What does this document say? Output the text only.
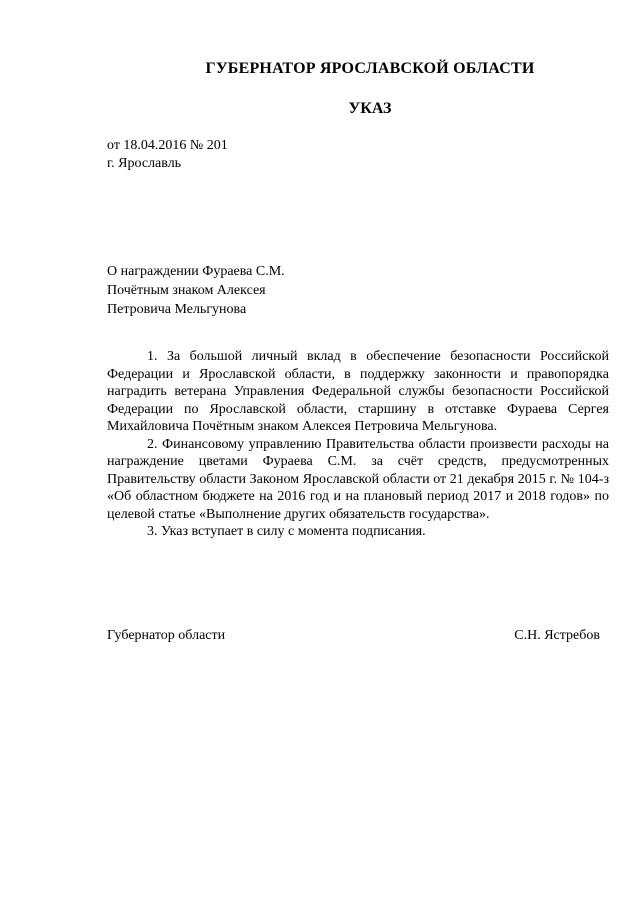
ГУБЕРНАТОР ЯРОСЛАВСКОЙ ОБЛАСТИ
УКАЗ
от 18.04.2016 № 201
г. Ярославль
О награждении Фураева С.М.
Почётным знаком Алексея
Петровича Мельгунова

1. За большой личный вклад в обеспечение безопасности Российской Федерации и Ярославской области, в поддержку законности и правопорядка наградить ветерана Управления Федеральной службы безопасности Российской Федерации по Ярославской области, старшину в отставке Фураева Сергея Михайловича Почётным знаком Алексея Петровича Мельгунова.

2. Финансовому управлению Правительства области произвести расходы на награждение цветами Фураева С.М. за счёт средств, предусмотренных Правительству области Законом Ярославской области от 21 декабря 2015 г. № 104-з «Об областном бюджете на 2016 год и на плановый период 2017 и 2018 годов» по целевой статье «Выполнение других обязательств государства».

3. Указ вступает в силу с момента подписания.

Губернатор области	С.Н. Ястребов
